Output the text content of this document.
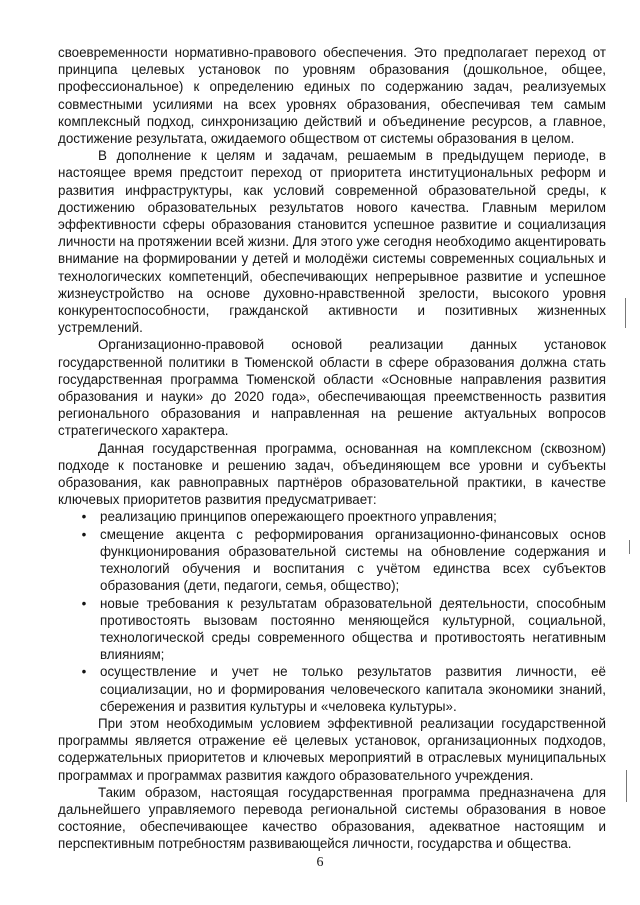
своевременности нормативно-правового обеспечения. Это предполагает переход от принципа целевых установок по уровням образования (дошкольное, общее, профессиональное) к определению единых по содержанию задач, реализуемых совместными усилиями на всех уровнях образования, обеспечивая тем самым комплексный подход, синхронизацию действий и объединение ресурсов, а главное, достижение результата, ожидаемого обществом от системы образования в целом.

В дополнение к целям и задачам, решаемым в предыдущем периоде, в настоящее время предстоит переход от приоритета институциональных реформ и развития инфраструктуры, как условий современной образовательной среды, к достижению образовательных результатов нового качества. Главным мерилом эффективности сферы образования становится успешное развитие и социализация личности на протяжении всей жизни. Для этого уже сегодня необходимо акцентировать внимание на формировании у детей и молодёжи системы современных социальных и технологических компетенций, обеспечивающих непрерывное развитие и успешное жизнеустройство на основе духовно-нравственной зрелости, высокого уровня конкурентоспособности, гражданской активности и позитивных жизненных устремлений.

Организационно-правовой основой реализации данных установок государственной политики в Тюменской области в сфере образования должна стать государственная программа Тюменской области «Основные направления развития образования и науки» до 2020 года», обеспечивающая преемственность развития регионального образования и направленная на решение актуальных вопросов стратегического характера.

Данная государственная программа, основанная на комплексном (сквозном) подходе к постановке и решению задач, объединяющем все уровни и субъекты образования, как равноправных партнёров образовательной практики, в качестве ключевых приоритетов развития предусматривает:

• реализацию принципов опережающего проектного управления;
• смещение акцента с реформирования организационно-финансовых основ функционирования образовательной системы на обновление содержания и технологий обучения и воспитания с учётом единства всех субъектов образования (дети, педагоги, семья, общество);
• новые требования к результатам образовательной деятельности, способным противостоять вызовам постоянно меняющейся культурной, социальной, технологической среды современного общества и противостоять негативным влияниям;
• осуществление и учет не только результатов развития личности, её социализации, но и формирования человеческого капитала экономики знаний, сбережения и развития культуры и «человека культуры».

При этом необходимым условием эффективной реализации государственной программы является отражение её целевых установок, организационных подходов, содержательных приоритетов и ключевых мероприятий в отраслевых муниципальных программах и программах развития каждого образовательного учреждения.

Таким образом, настоящая государственная программа предназначена для дальнейшего управляемого перевода региональной системы образования в новое состояние, обеспечивающее качество образования, адекватное настоящим и перспективным потребностям развивающейся личности, государства и общества.

6
